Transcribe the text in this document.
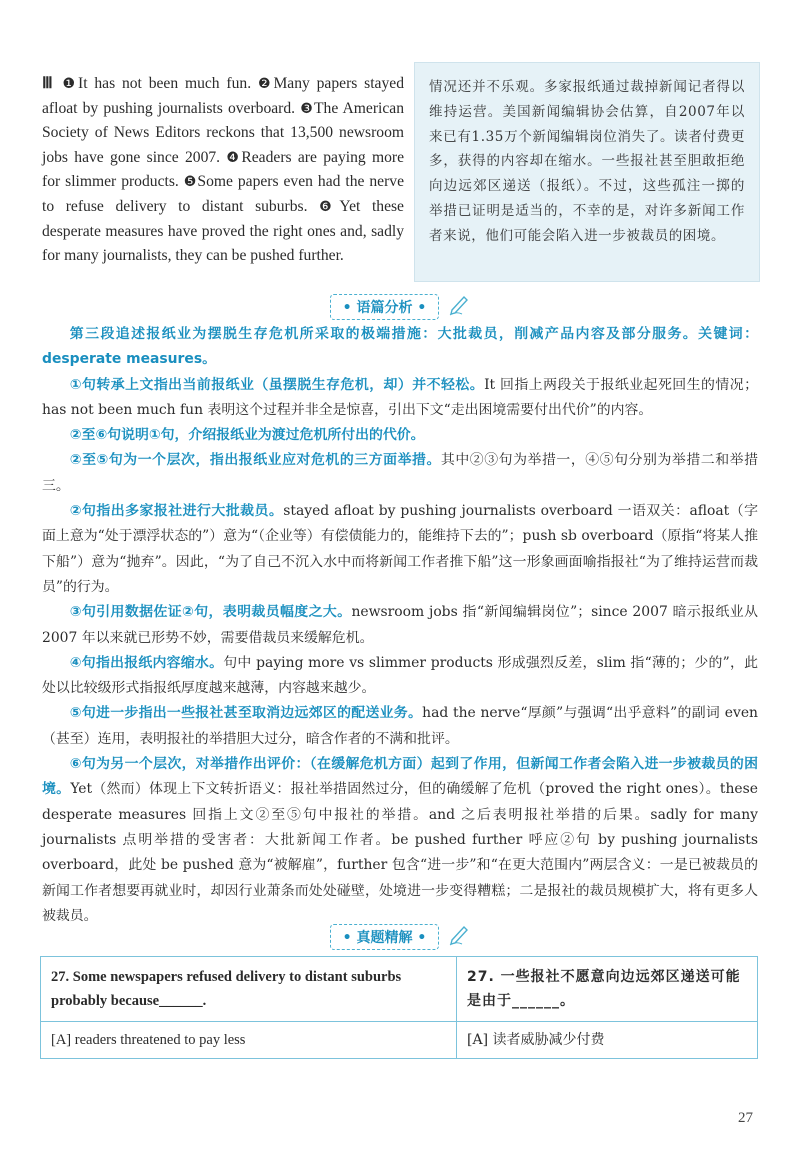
Ⅲ ❶It has not been much fun. ❷Many papers stayed afloat by pushing journalists overboard. ❸The American Society of News Editors reckons that 13,500 newsroom jobs have gone since 2007. ❹Readers are paying more for slimmer products. ❺Some papers even had the nerve to refuse delivery to distant suburbs. ❻Yet these desperate measures have proved the right ones and, sadly for many journalists, they can be pushed further.
情况还并不乐观。多家报纸通过裁掉新闻记者得以维持运营。美国新闻编辑协会估算，自2007年以来已有1.35万个新闻编辑岗位消失了。读者付费更多，获得的内容却在缩水。一些报社甚至胆敢拒绝向边远郊区递送（报纸）。不过，这些孤注一掷的举措已证明是适当的，不幸的是，对许多新闻工作者来说，他们可能会陷入进一步被裁员的困境。
• 语篇分析 •

第三段追述报纸业为摆脱生存危机所采取的极端措施：大批裁员，削减产品内容及部分服务。关键词：desperate measures。

①句转承上文指出当前报纸业（虽摆脱生存危机，却）并不轻松。It 回指上两段关于报纸业起死回生的情况；has not been much fun 表明这个过程并非全是惊喜，引出下文“走出困境需要付出代价”的内容。

②至⑥句说明①句，介绍报纸业为渡过危机所付出的代价。

②至⑤句为一个层次，指出报纸业应对危机的三方面举措。其中②③句为举措一，④⑤句分别为举措二和举措三。

②句指出多家报社进行大批裁员。stayed afloat by pushing journalists overboard 一语双关：afloat（字面上意为“处于漂浮状态的”）意为“（企业等）有偿债能力的，能维持下去的”；push sb overboard（原指“将某人推下船”）意为“抛弃”。因此，“为了自己不沉入水中而将新闻工作者推下船”这一形象画面喻指报社“为了维持运营而裁员”的行为。

③句引用数据佐证②句，表明裁员幅度之大。newsroom jobs 指“新闻编辑岗位”；since 2007 暗示报纸业从 2007 年以来就已形势不妙，需要借裁员来缓解危机。

④句指出报纸内容缩水。句中 paying more vs slimmer products 形成强烈反差，slim 指“薄的；少的”，此处以比较级形式指报纸厚度越来越薄，内容越来越少。

⑤句进一步指出一些报社甚至取消边远郊区的配送业务。had the nerve“厚颜”与强调“出乎意料”的副词 even（甚至）连用，表明报社的举措胆大过分，暗含作者的不满和批评。

⑥句为另一个层次，对举措作出评价：（在缓解危机方面）起到了作用，但新闻工作者会陷入进一步被裁员的困境。Yet（然而）体现上下文转折语义：报社举措固然过分，但的确缓解了危机（proved the right ones）。these desperate measures 回指上文②至⑤句中报社的举措。and 之后表明报社举措的后果。sadly for many journalists 点明举措的受害者：大批新闻工作者。be pushed further 呼应②句 by pushing journalists overboard，此处 be pushed 意为“被解雇”，further 包含“进一步”和“在更大范围内”两层含义：一是已被裁员的新闻工作者想要再就业时，却因行业萧条而处处碰壁，处境进一步变得糟糕；二是报社的裁员规模扩大，将有更多人被裁员。

• 真题精解 •
27. Some newspapers refused delivery to distant suburbs probably because______.	27. 一些报社不愿意向边远郊区递送可能是由于______。
[A] readers threatened to pay less	[A] 读者威胁减少付费
27
